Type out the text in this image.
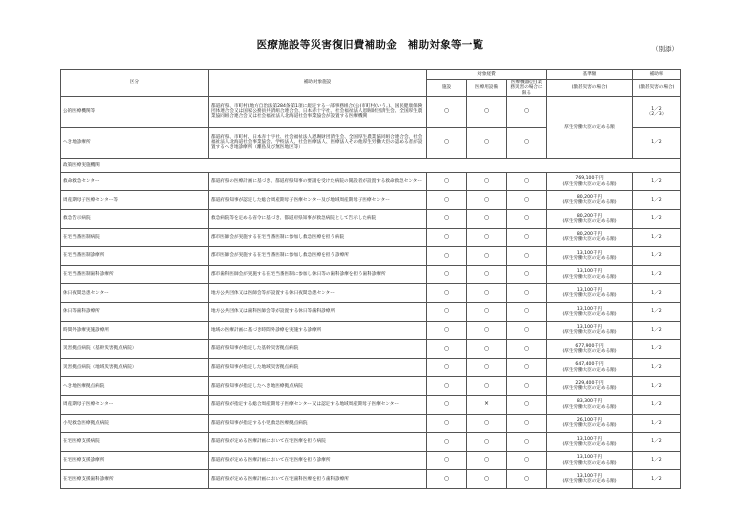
医療施設等災害復旧費補助金　補助対象等一覧	（別添）
区分	補助対象施設	対象経費			基準額	補助率
		施設	医療用設備	医療機器(注)業務災害の場合に限る	(激甚災害の場合)	(激甚災害の場合)
公的医療機関等	都道府県、市町村(地方自治法第284条第1項に規定する一部事務組合(公)市町村(いう。)、国民健康保険団体連合会又は国家公務員共済組合連合会、日本赤十字社、社会福祉法人恩賜財団済生会、全国厚生農業協同組合連合会又は社会福祉法人北海道社会事業協会が設置する医療機関	○	○	○	厚生労働大臣の定める額	1／2
（2／3）

へき地診療所	都道府県、市町村、日本赤十字社、社会福祉法人恩賜財団済生会、全国厚生農業協同組合連合会、社会福祉法人北海道社会事業協会、学校法人、社会医療法人、医療法人その他厚生労働大臣の認める者が設置するへき地診療所（離島及び無医地区等）	○	○	○		1／2
政策医療実施機関						
救命救急センター	都道府県の医療計画に基づき、都道府県知事の要請を受けた病院の開設者が設置する救命救急センター	○	○	○	769,100千円
(厚生労働大臣の定める額)	1／2
周産期母子医療センター等	都道府県知事が認定した総合周産期母子医療センター及び地域周産期母子医療センター	○	○	○	80,200千円
(厚生労働大臣の定める額)	1／2
救急告示病院	救急病院等を定める省令に基づき、都道府県知事が救急病院として告示した病院	○	○	○	80,200千円
(厚生労働大臣の定める額)	1／2
在宅当番医制病院	郡市医師会が実施する在宅当番医制に参加し救急医療を担う病院	○	○	○	80,200千円
(厚生労働大臣の定める額)	1／2
在宅当番医制診療所	郡市医師会が実施する在宅当番医制に参加し救急医療を担う診療所	○	○	○	13,100千円
(厚生労働大臣の定める額)	1／2
在宅当番医制歯科診療所	郡市歯科医師会が実施する在宅当番医制に参加し休日等の歯科診療を担う歯科診療所	○	○	○	13,100千円
(厚生労働大臣の定める額)	1／2
休日夜間急患センター	地方公共団体又は医師会等が設置する休日夜間急患センター	○	○	○	13,100千円
(厚生労働大臣の定める額)	1／2
休日等歯科診療所	地方公共団体又は歯科医師会等が設置する休日等歯科診療所	○	○	○	13,100千円
(厚生労働大臣の定める額)	1／2
時間外診療実施診療所	地域の医療計画に基づき時間外診療を実施する診療所	○	○	○	13,100千円
(厚生労働大臣の定める額)	1／2
災害拠点病院（基幹災害拠点病院）	都道府県知事が指定した基幹災害拠点病院	○	○	○	677,900千円
(厚生労働大臣の定める額)	1／2
災害拠点病院（地域災害拠点病院）	都道府県知事が指定した地域災害拠点病院	○	○	○	647,400千円
(厚生労働大臣の定める額)	1／2
へき地医療拠点病院	都道府県知事が指定したへき地医療拠点病院	○	○	○	229,400千円
(厚生労働大臣の定める額)	1／2
周産期母子医療センター	都道府県が指定する総合周産期母子医療センター又は認定する地域周産期母子医療センター	○	×	○	83,300千円
(厚生労働大臣の定める額)	1／2
小児救急医療拠点病院	都道府県知事が指定する小児救急医療拠点病院	○	○	○	26,100千円
(厚生労働大臣の定める額)	1／2
在宅医療支援病院	都道府県が定める医療計画において在宅医療を担う病院	○	○	○	13,100千円
(厚生労働大臣の定める額)	1／2
在宅医療支援診療所	都道府県が定める医療計画において在宅医療を担う診療所	○	○	○	13,100千円
(厚生労働大臣の定める額)	1／2
在宅医療支援歯科診療所	都道府県が定める医療計画において在宅歯科医療を担う歯科診療所	○	○	○	13,100千円
(厚生労働大臣の定める額)	1／2
